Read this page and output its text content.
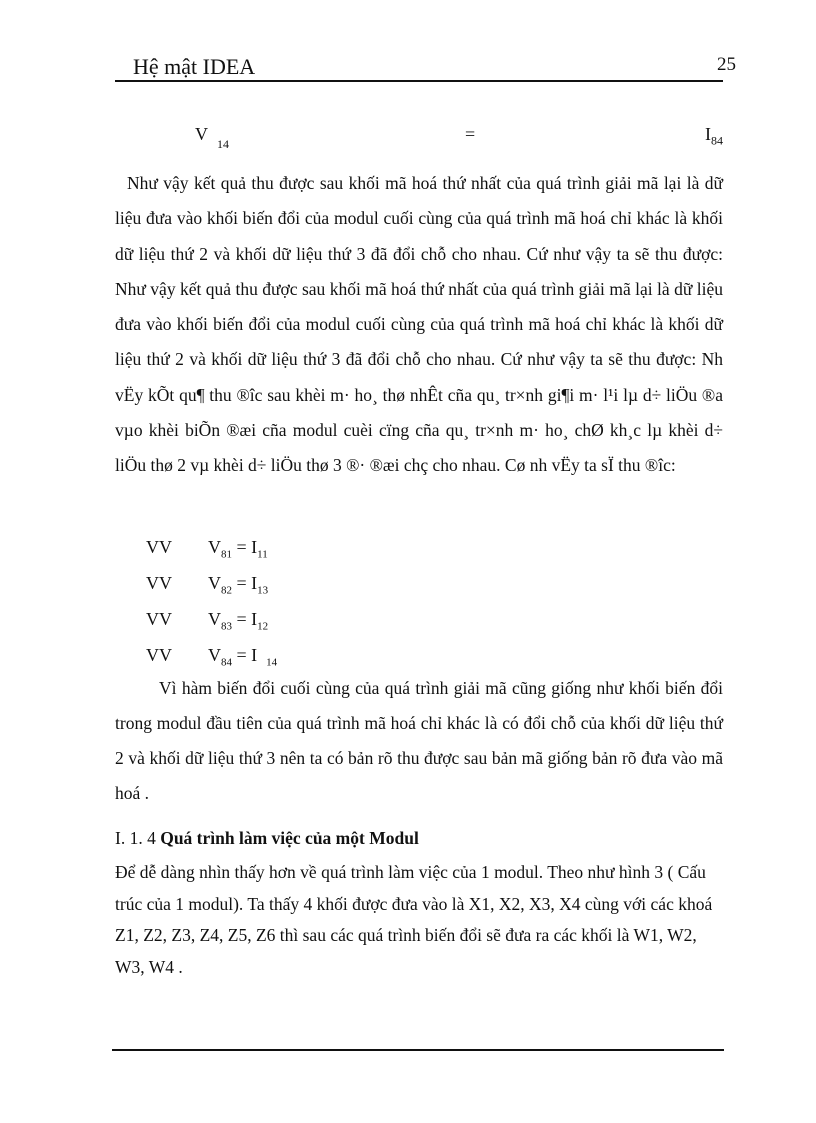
Hệ mật IDEA	25
V $_{14}$	=	$I_{84}$
Như vậy kết quả thu được sau khối mã hoá thứ nhất của quá trình giải mã lại là dữ liệu đưa vào khối biến đổi của modul cuối cùng của quá trình mã hoá chỉ khác là khối dữ liệu thứ 2 và khối dữ liệu thứ 3 đã đổi chỗ cho nhau. Cứ như vậy ta sẽ thu được: Như vậy kết quả thu được sau khối mã hoá thứ nhất của quá trình giải mã lại là dữ liệu đưa vào khối biến đổi của modul cuối cùng của quá trình mã hoá chỉ khác là khối dữ liệu thứ 2 và khối dữ liệu thứ 3 đã đổi chỗ cho nhau. Cứ như vậy ta sẽ thu được: Nh vËy kÕt qu¶ thu ®îc sau khèi m· ho¸ thø nhÊt cña qu¸ tr×nh gi¶i m· l¹i lµ d÷ liÖu ®a vµo khèi biÕn ®æi cña modul cuèi cïng cña qu¸ tr×nh m· ho¸ chØ kh¸c lµ khèi d÷ liÖu thø 2 vµ khèi d÷ liÖu thø 3 ®· ®æi chç cho nhau. Cø nh vËy ta sÏ thu ®îc:
VV $V_{81} = I_{11}$
VV $V_{82} = I_{13}$
VV $V_{83} = I_{12}$
VV $V_{84} = I$ $_{14}$
Vì hàm biến đổi cuối cùng của quá trình giải mã cũng giống như khối biến đổi trong modul đầu tiên của quá trình mã hoá chỉ khác là có đổi chỗ của khối dữ liệu thứ 2 và khối dữ liệu thứ 3 nên ta có bản rõ thu được sau bản mã giống bản rõ đưa vào mã hoá .
I. 1. 4 Quá trình làm việc của một Modul
Để dễ dàng nhìn thấy hơn về quá trình làm việc của 1 modul. Theo như hình 3 ( Cấu trúc của 1 modul). Ta thấy 4 khối được đưa vào là X1, X2, X3, X4 cùng với các khoá Z1, Z2, Z3, Z4, Z5, Z6 thì sau các quá trình biến đổi sẽ đưa ra các khối là W1, W2, W3, W4 .
